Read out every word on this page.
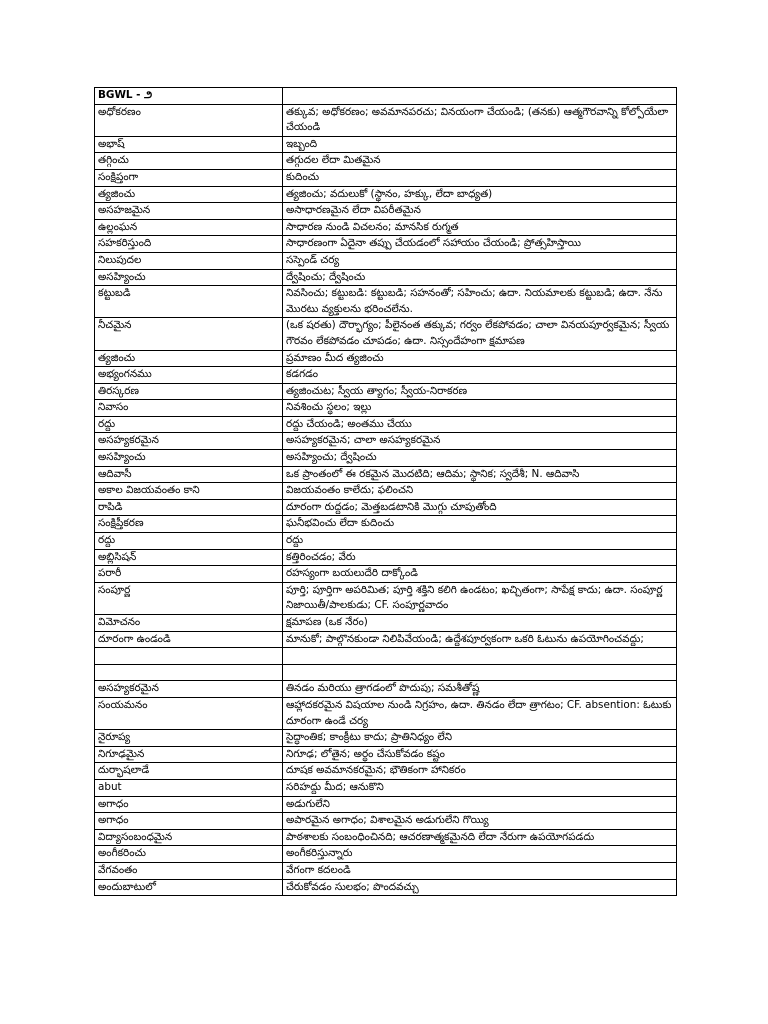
BGWL - ౨	
అధోకరణం	తక్కువ; అధోకరణం; అవమానపరచు; వినయంగా చేయండి; (తనకు) ఆత్మగౌరవాన్ని కోల్పోయేలా చేయండి
అభాష్	ఇబ్బంది
తగ్గించు	తగ్గుదల లేదా మితమైన
సంక్షిప్తంగా	కుదించు
త్యజించు	త్యజించు; వదులుకో (స్థానం, హక్కు, లేదా బాధ్యత)
అసహజమైన	అసాధారణమైన లేదా విపరీతమైన
ఉల్లంఘన	సాధారణ నుండి విచలనం; మానసిక రుగ్మత
సహకరిస్తుంది	సాధారణంగా ఏదైనా తప్పు చేయడంలో సహాయం చేయండి; ప్రోత్సహిస్తాయి
నిలుపుదల	సస్పెండ్ చర్య
అసహ్యించు	ద్వేషించు; ద్వేషించు
కట్టుబడి	నివసించు; కట్టుబడి: కట్టుబడి; సహనంతో; సహించు; ఉదా. నియమాలకు కట్టుబడి; ఉదా. నేను మొరటు వ్యక్తులను భరించలేను.
నీచమైన	(ఒక షరతు) దౌర్భాగ్యం; పీలైనంత తక్కువ; గర్వం లేకపోవడం; చాలా వినయపూర్వకమైన; స్వీయ గౌరవం లేకపోవడం చూపడం; ఉదా. నిస్సందేహంగా క్షమాపణ
త్యజించు	ప్రమాణం మీద త్యజించు
అభ్యంగనము	కడగడం
తిరస్కరణ	త్యజించుట; స్వీయ త్యాగం; స్వీయ-నిరాకరణ
నివాసం	నివశించు స్థలం; ఇల్లు
రద్దు	రద్దు చేయండి; అంతము చేయు
అసహ్యకరమైన	అసహ్యకరమైన; చాలా అసహ్యకరమైన
అసహ్యించు	అసహ్యించు; ద్వేషించు
ఆదివాసీ	ఒక ప్రాంతంలో ఈ రకమైన మొదటిది; ఆదిమ; స్థానిక; స్వదేశీ; N. ఆదివాసి
అకాల విజయవంతం కాని	విజయవంతం కాలేదు; ఫలించని
రాపిడి	దూరంగా రుద్దడం; మెత్తబడటానికి మొగ్గు చూపుతోంది
సంక్షిప్తీకరణ	ఘనీభవించు లేదా కుదించు
రద్దు	రద్దు
అబ్లిసిషన్	కత్తిరించడం; వేరు
పరారీ	రహస్యంగా బయలుదేరి దాక్కోండి
సంపూర్ణ	పూర్తి; పూర్తిగా అపరిమిత; పూర్తి శక్తిని కలిగి ఉండటం; ఖచ్చితంగా; సాపేక్ష కాదు; ఉదా. సంపూర్ణ నిజాయితీ/పాలకుడు; CF. సంపూర్ణవాదం
విమోచనం	క్షమాపణ (ఒక నేరం)
దూరంగా ఉండండి	మానుకో; పాల్గొనకుండా నిలిపివేయండి; ఉద్దేశపూర్వకంగా ఒకరి ఓటును ఉపయోగించవద్దు;

అసహ్యకరమైన	తినడం మరియు త్రాగడంలో పొదుపు; సమశీతోష్ణ
సంయమనం	ఆహ్లాదకరమైన విషయాల నుండి నిగ్రహం, ఉదా. తినడం లేదా త్రాగటం; CF. absention: ఓటుకు దూరంగా ఉండే చర్య
నైరూప్య	సైద్ధాంతిక; కాంక్రీటు కాదు; ప్రాతినిధ్యం లేని
నిగూఢమైన	నిగూఢ; లోతైన; అర్థం చేసుకోవడం కష్టం
దుర్భాషలాడే	దూషక అవమానకరమైన; భౌతికంగా హానికరం
abut	సరిహద్దు మీద; ఆనుకొని
అగాధం	అడుగులేని
అగాధం	అపారమైన అగాధం; విశాలమైన అడుగులేని గొయ్యి
విద్యాసంబంధమైన	పాఠశాలకు సంబంధించినది; ఆచరణాత్మకమైనది లేదా నేరుగా ఉపయోగపడదు
అంగీకరించు	అంగీకరిస్తున్నారు
వేగవంతం	వేగంగా కదలండి
అందుబాటులో	చేరుకోవడం సులభం; పొందవచ్చు
